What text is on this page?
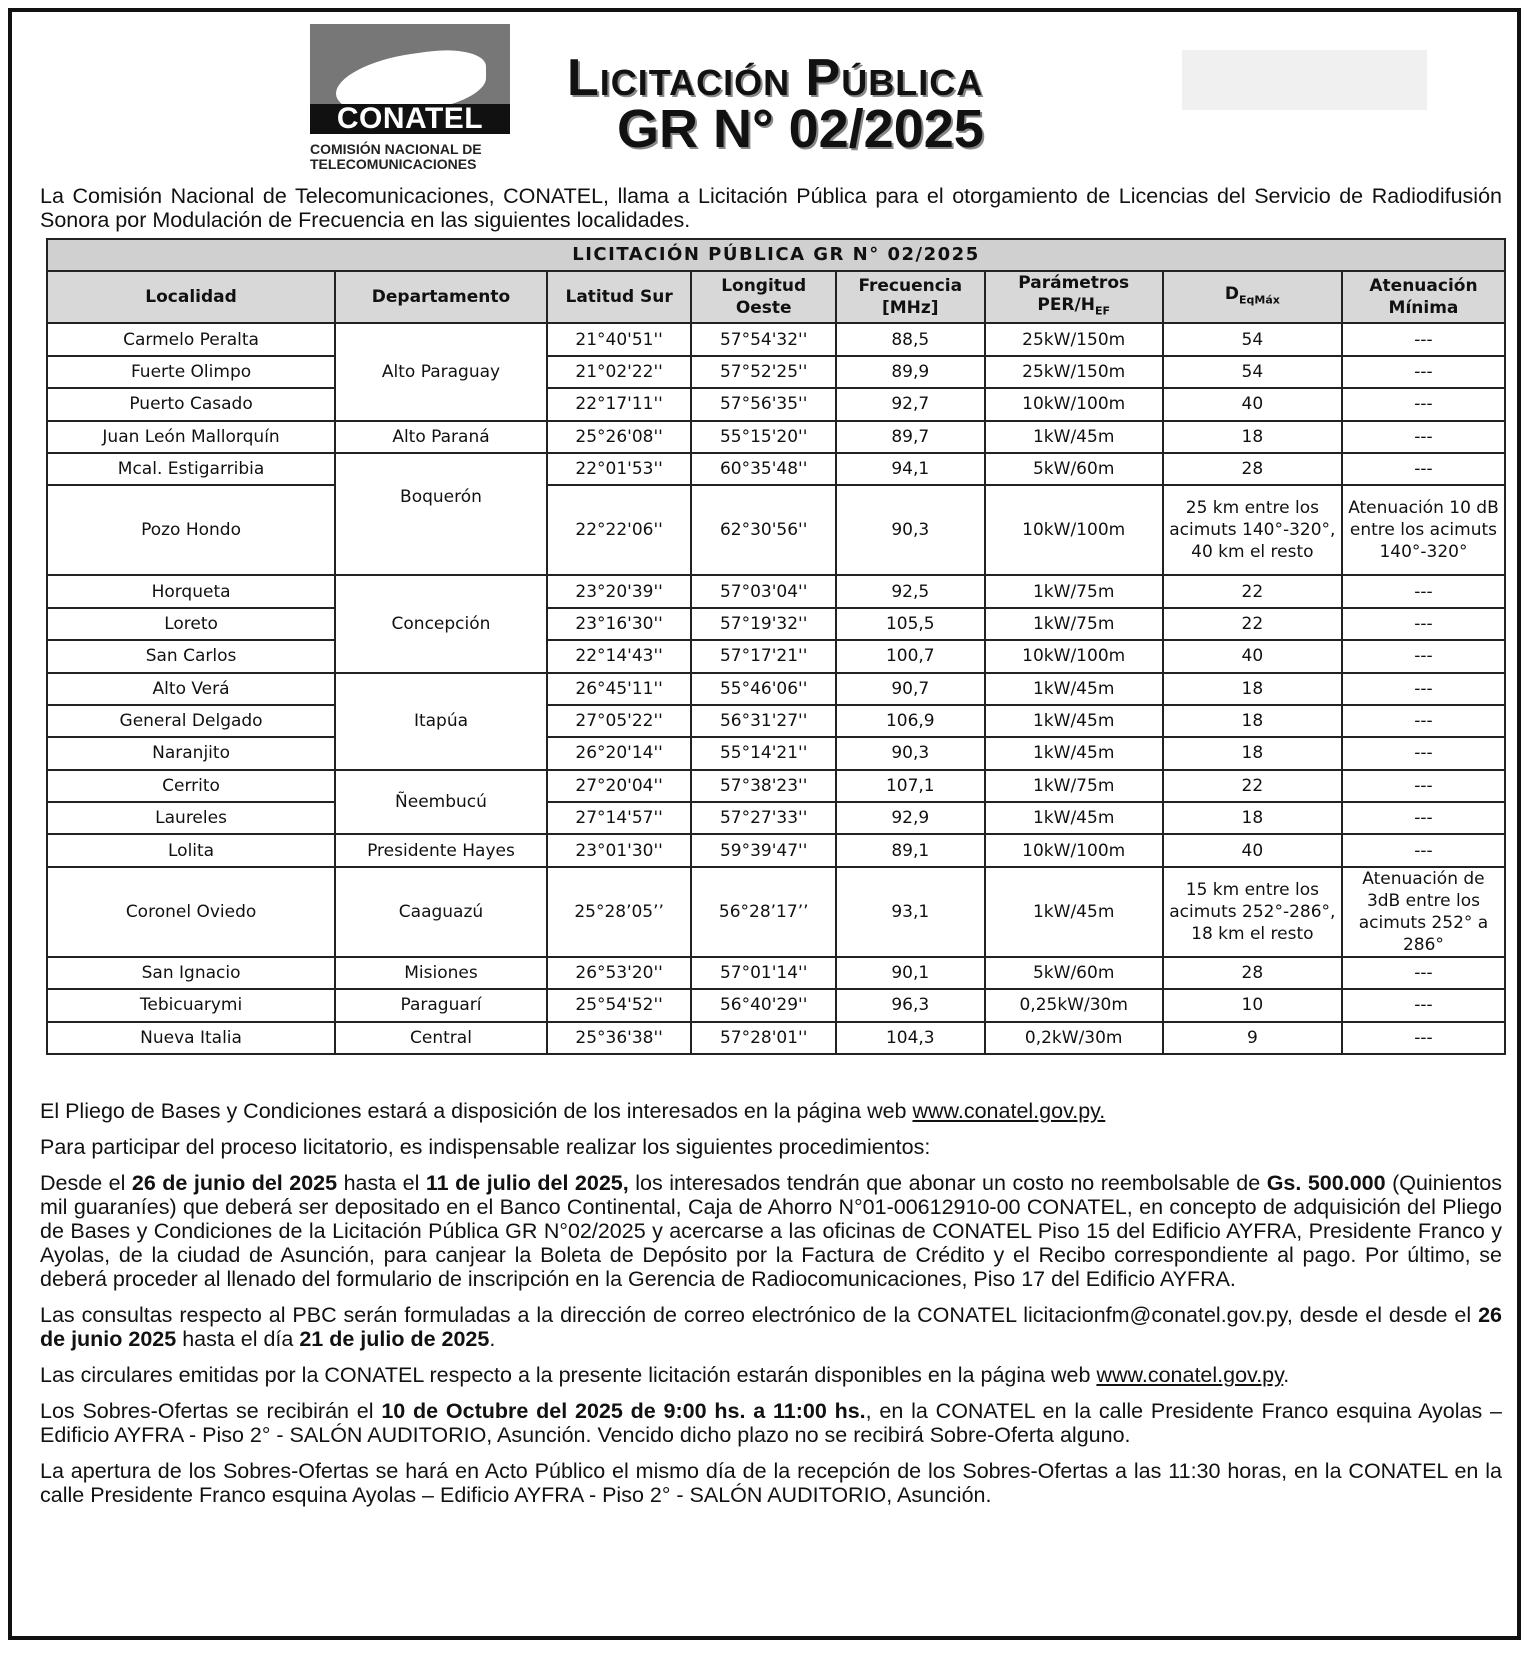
CONATEL
COMISIÓN NACIONAL DE
TELECOMUNICACIONES
Licitación Pública
GR N° 02/2025
La Comisión Nacional de Telecomunicaciones, CONATEL, llama a Licitación Pública para el otorgamiento de Licencias del Servicio de Radiodifusión Sonora por Modulación de Frecuencia en las siguientes localidades.
LICITACIÓN PÚBLICA GR N° 02/2025							
Localidad	Departamento	Latitud Sur	Longitud Oeste	Frecuencia [MHz]	Parámetros PER/$H_{EF}$	$D_{EqMáx}$	Atenuación Mínima

Carmelo Peralta	Alto Paraguay	21°40'51''	57°54'32''	88,5	25kW/150m	54	---
Fuerte Olimpo		21°02'22''	57°52'25''	89,9	25kW/150m	54	---
Puerto Casado		22°17'11''	57°56'35''	92,7	10kW/100m	40	---
Juan León Mallorquín	Alto Paraná	25°26'08''	55°15'20''	89,7	1kW/45m	18	---
Mcal. Estigarribia	Boquerón	22°01'53''	60°35'48''	94,1	5kW/60m	28	---
Pozo Hondo		22°22'06''	62°30'56''	90,3	10kW/100m	25 km entre los acimuts 140°-320°, 40 km el resto	Atenuación 10 dB entre los acimuts 140°-320°

Horqueta	Concepción	23°20'39''	57°03'04''	92,5	1kW/75m	22	---
Loreto		23°16'30''	57°19'32''	105,5	1kW/75m	22	---
San Carlos		22°14'43''	57°17'21''	100,7	10kW/100m	40	---
Alto Verá	Itapúa	26°45'11''	55°46'06''	90,7	1kW/45m	18	---
General Delgado		27°05'22''	56°31'27''	106,9	1kW/45m	18	---
Naranjito		26°20'14''	55°14'21''	90,3	1kW/45m	18	---
Cerrito	Ñeembucú	27°20'04''	57°38'23''	107,1	1kW/75m	22	---
Laureles		27°14'57''	57°27'33''	92,9	1kW/45m	18	---
Lolita	Presidente Hayes	23°01'30''	59°39'47''	89,1	10kW/100m	40	---
Coronel Oviedo	Caaguazú	25°28’05’’	56°28’17’’	93,1	1kW/45m	15 km entre los acimuts 252°-286°, 18 km el resto	Atenuación de 3dB entre los acimuts 252° a 286°

San Ignacio	Misiones	26°53'20''	57°01'14''	90,1	5kW/60m	28	---
Tebicuarymi	Paraguarí	25°54'52''	56°40'29''	96,3	0,25kW/30m	10	---
Nueva Italia	Central	25°36'38''	57°28'01''	104,3	0,2kW/30m	9	---

El Pliego de Bases y Condiciones estará a disposición de los interesados en la página web www.conatel.gov.py.

Para participar del proceso licitatorio, es indispensable realizar los siguientes procedimientos:

Desde el 26 de junio del 2025 hasta el 11 de julio del 2025, los interesados tendrán que abonar un costo no reembolsable de Gs. 500.000 (Quinientos mil guaraníes) que deberá ser depositado en el Banco Continental, Caja de Ahorro N°01-00612910-00 CONATEL, en concepto de adquisición del Pliego de Bases y Condiciones de la Licitación Pública GR N°02/2025 y acercarse a las oficinas de CONATEL Piso 15 del Edificio AYFRA, Presidente Franco y Ayolas, de la ciudad de Asunción, para canjear la Boleta de Depósito por la Factura de Crédito y el Recibo correspondiente al pago. Por último, se deberá proceder al llenado del formulario de inscripción en la Gerencia de Radiocomunicaciones, Piso 17 del Edificio AYFRA.

Las consultas respecto al PBC serán formuladas a la dirección de correo electrónico de la CONATEL licitacionfm@conatel.gov.py, desde el desde el 26 de junio 2025 hasta el día 21 de julio de 2025.

Las circulares emitidas por la CONATEL respecto a la presente licitación estarán disponibles en la página web www.conatel.gov.py.

Los Sobres-Ofertas se recibirán el 10 de Octubre del 2025 de 9:00 hs. a 11:00 hs., en la CONATEL en la calle Presidente Franco esquina Ayolas – Edificio AYFRA - Piso 2° - SALÓN AUDITORIO, Asunción. Vencido dicho plazo no se recibirá Sobre-Oferta alguno.

La apertura de los Sobres-Ofertas se hará en Acto Público el mismo día de la recepción de los Sobres-Ofertas a las 11:30 horas, en la CONATEL en la calle Presidente Franco esquina Ayolas – Edificio AYFRA - Piso 2° - SALÓN AUDITORIO, Asunción.
